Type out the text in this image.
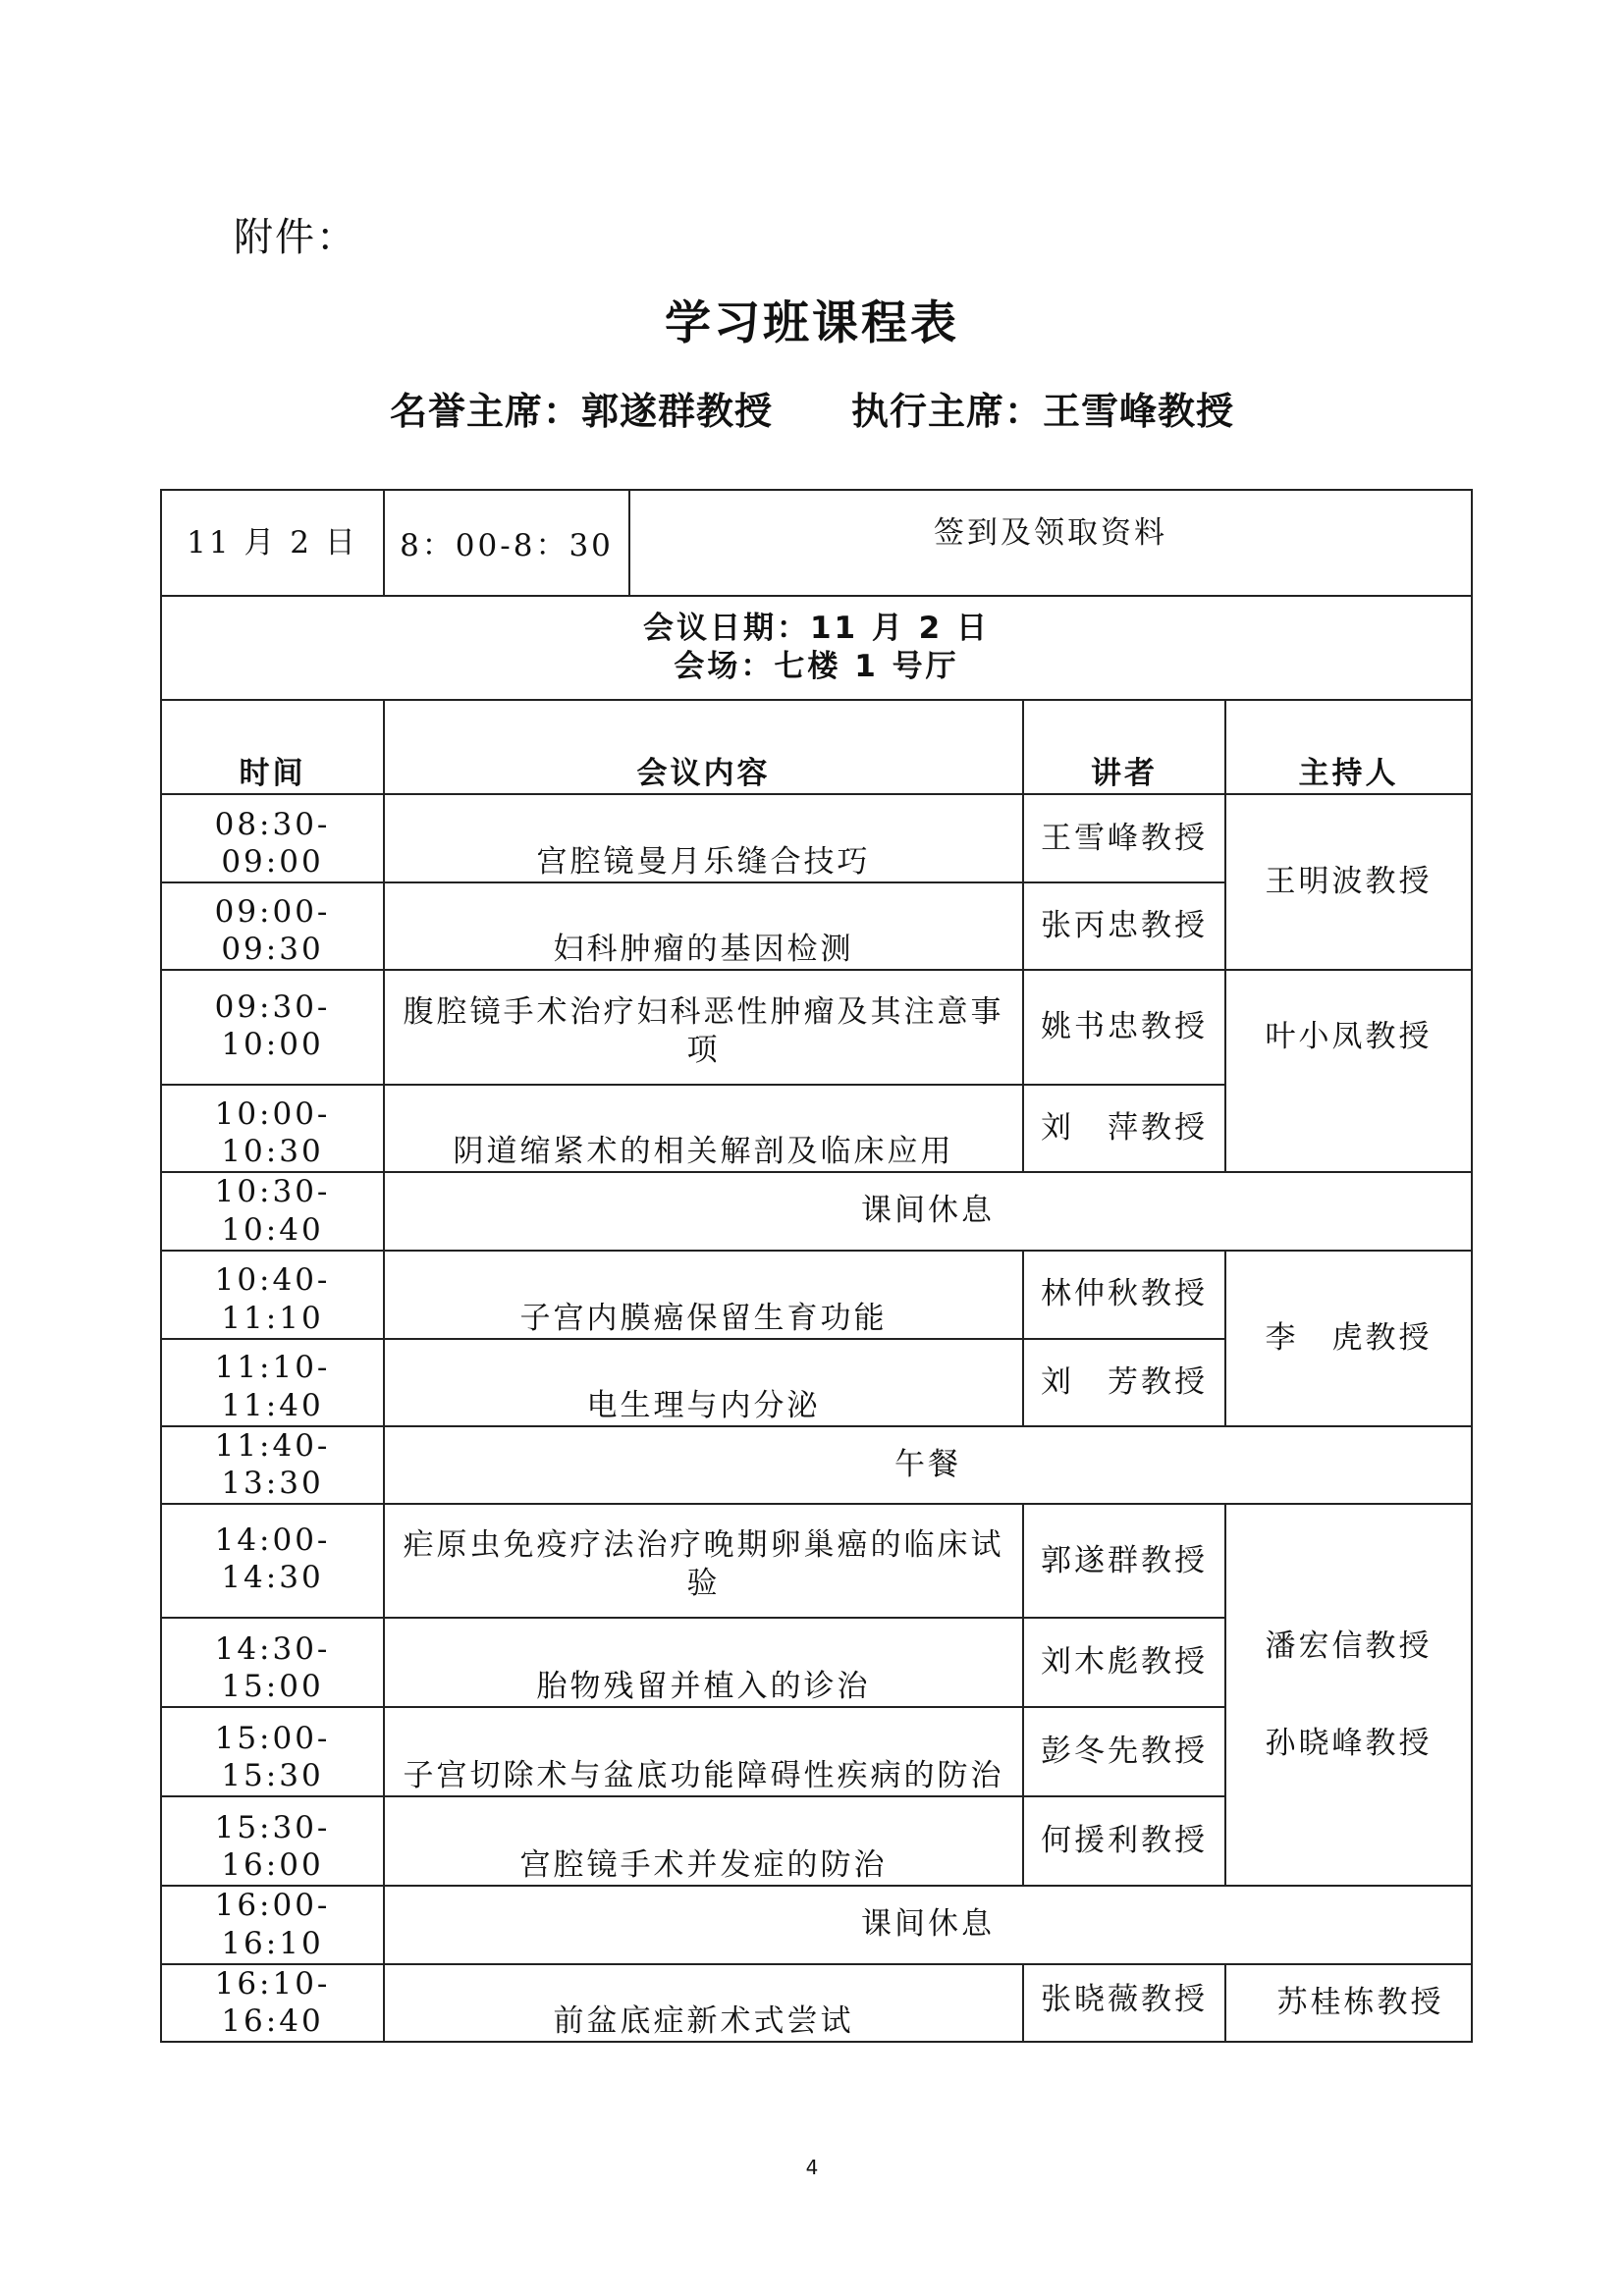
附件：
学习班课程表
名誉主席：郭遂群教授 执行主席：王雪峰教授
11 月 2 日	8：00-8：30	签到及领取资料		

会议日期：11 月 2 日
会场：七楼 1 号厅				

时间	会议内容		讲者	主持人
08:30-09:00	宫腔镜曼月乐缝合技巧		王雪峰教授	王明波教授
09:00-09:30	妇科肿瘤的基因检测		张丙忠教授	
09:30-10:00	腹腔镜手术治疗妇科恶性肿瘤及其注意事项		姚书忠教授	叶小凤教授
10:00-10:30	阴道缩紧术的相关解剖及临床应用		刘　萍教授	
10:30-10:40	课间休息			
10:40-11:10	子宫内膜癌保留生育功能		林仲秋教授	李　虎教授
11:10-11:40	电生理与内分泌		刘　芳教授	
11:40-13:30	午餐			
14:00-14:30	疟原虫免疫疗法治疗晚期卵巢癌的临床试验		郭遂群教授	潘宏信教授
孙晓峰教授

14:30-15:00	胎物残留并植入的诊治		刘木彪教授	
15:00-15:30	子宫切除术与盆底功能障碍性疾病的防治		彭冬先教授	
15:30-16:00	宫腔镜手术并发症的防治		何援利教授	
16:00-16:10	课间休息			
16:10-16:40	前盆底症新术式尝试		张晓薇教授	苏桂栋教授
4
